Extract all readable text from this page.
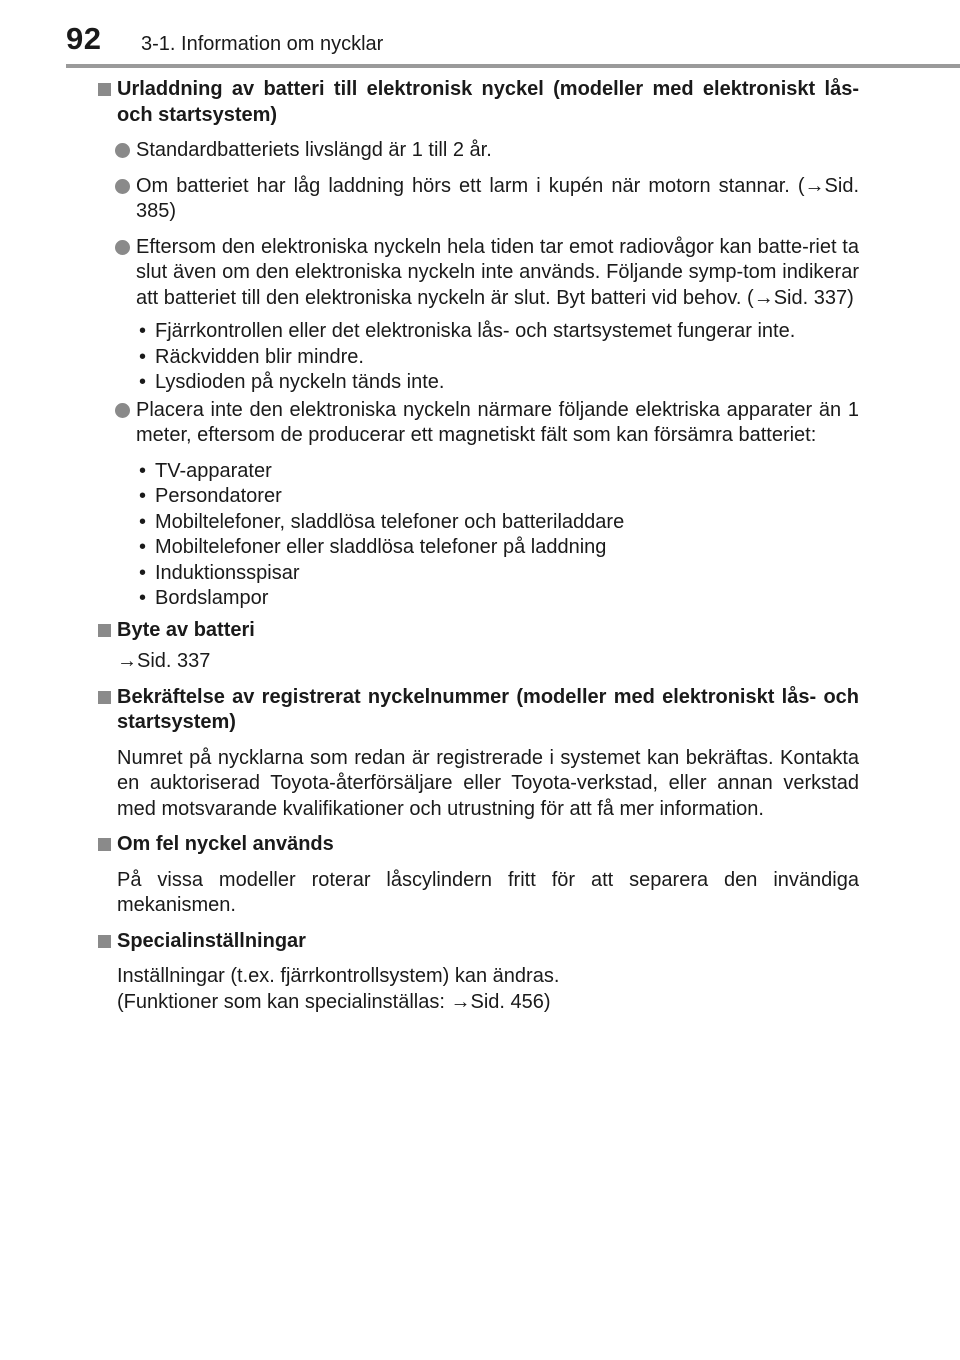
92 3-1. Information om nycklar
Urladdning av batteri till elektronisk nyckel (modeller med elektroniskt lås- och startsystem)
Standardbatteriets livslängd är 1 till 2 år.
Om batteriet har låg laddning hörs ett larm i kupén när motorn stannar. (→Sid. 385)
Eftersom den elektroniska nyckeln hela tiden tar emot radiovågor kan batte-riet ta slut även om den elektroniska nyckeln inte används. Följande symp-tom indikerar att batteriet till den elektroniska nyckeln är slut. Byt batteri vid behov. (→Sid. 337)
• Fjärrkontrollen eller det elektroniska lås- och startsystemet fungerar inte.
• Räckvidden blir mindre.
• Lysdioden på nyckeln tänds inte.
Placera inte den elektroniska nyckeln närmare följande elektriska apparater än 1 meter, eftersom de producerar ett magnetiskt fält som kan försämra batteriet:
• TV-apparater
• Persondatorer
• Mobiltelefoner, sladdlösa telefoner och batteriladdare
• Mobiltelefoner eller sladdlösa telefoner på laddning
• Induktionsspisar
• Bordslampor
Byte av batteri
→Sid. 337
Bekräftelse av registrerat nyckelnummer (modeller med elektroniskt lås- och startsystem)
Numret på nycklarna som redan är registrerade i systemet kan bekräftas. Kontakta en auktoriserad Toyota-återförsäljare eller Toyota-verkstad, eller annan verkstad med motsvarande kvalifikationer och utrustning för att få mer information.
Om fel nyckel används
På vissa modeller roterar låscylindern fritt för att separera den invändiga mekanismen.
Specialinställningar
Inställningar (t.ex. fjärrkontrollsystem) kan ändras.
(Funktioner som kan specialinställas: →Sid. 456)
